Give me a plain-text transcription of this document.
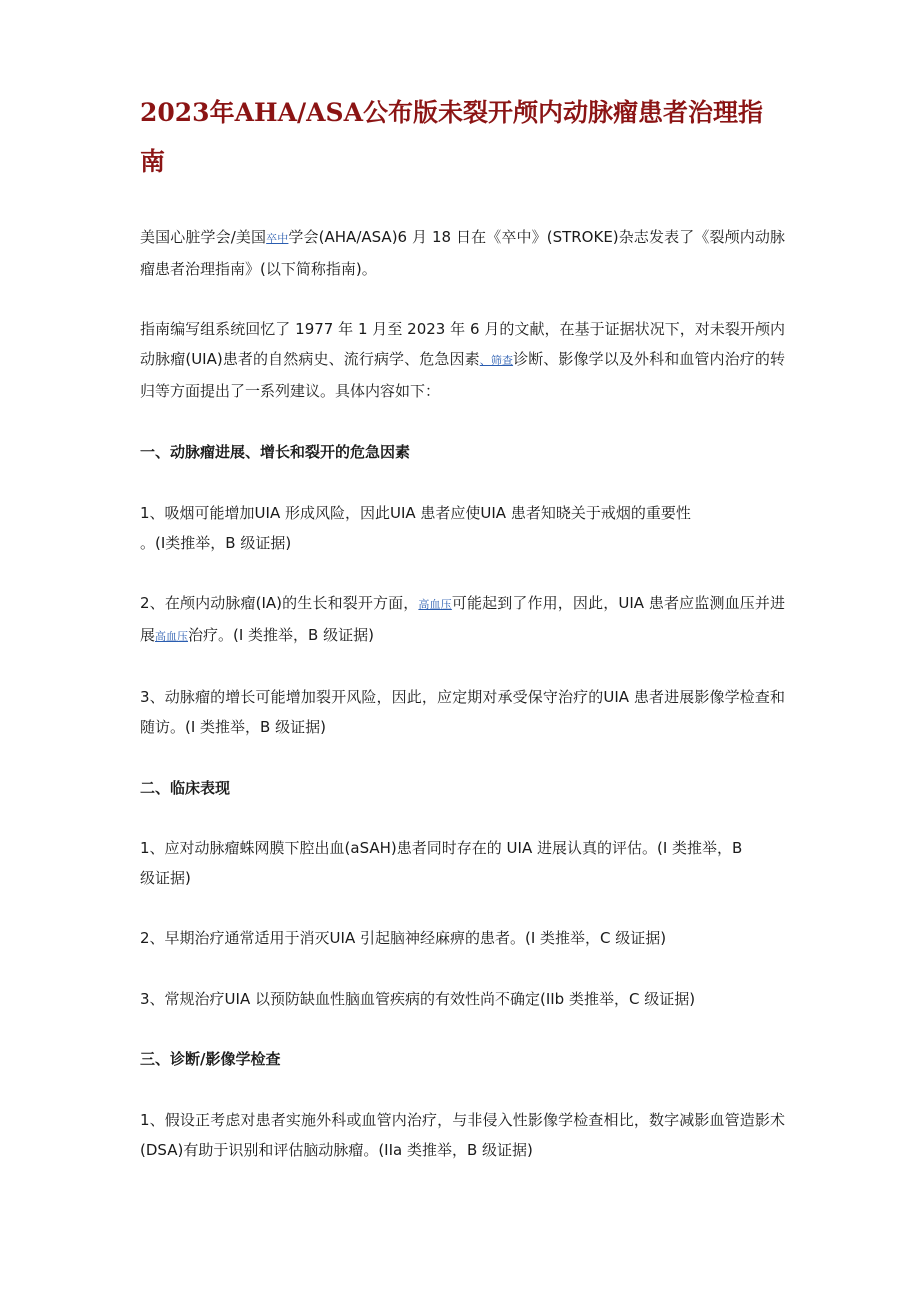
2023年AHA/ASA公布版未裂开颅内动脉瘤患者治理指南

美国心脏学会/美国卒中学会(AHA/ASA)6 月 18 日在《卒中》(STROKE)杂志发表了《裂颅内动脉瘤患者治理指南》(以下简称指南)。

指南编写组系统回忆了 1977 年 1 月至 2023 年 6 月的文献，在基于证据状况下，对未裂开颅内动脉瘤(UIA)患者的自然病史、流行病学、危急因素、筛查诊断、影像学以及外科和血管内治疗的转归等方面提出了一系列建议。具体内容如下：

一、动脉瘤进展、增长和裂开的危急因素

1、吸烟可能增加UIA 形成风险，因此UIA 患者应使UIA 患者知晓关于戒烟的重要性
。(I类推举，B 级证据)

2、在颅内动脉瘤(IA)的生长和裂开方面，高血压可能起到了作用，因此，UIA 患者应监测血压并进展高血压治疗。(I 类推举，B 级证据)

3、动脉瘤的增长可能增加裂开风险，因此，应定期对承受保守治疗的UIA 患者进展影像学检查和随访。(I 类推举，B 级证据)

二、临床表现

1、应对动脉瘤蛛网膜下腔出血(aSAH)患者同时存在的 UIA 进展认真的评估。(I 类推举，B
级证据)

2、早期治疗通常适用于消灭UIA 引起脑神经麻痹的患者。(I 类推举，C 级证据)

3、常规治疗UIA 以预防缺血性脑血管疾病的有效性尚不确定(IIb 类推举，C 级证据)

三、诊断/影像学检查

1、假设正考虑对患者实施外科或血管内治疗，与非侵入性影像学检查相比，数字减影血管造影术(DSA)有助于识别和评估脑动脉瘤。(IIa 类推举，B 级证据)
